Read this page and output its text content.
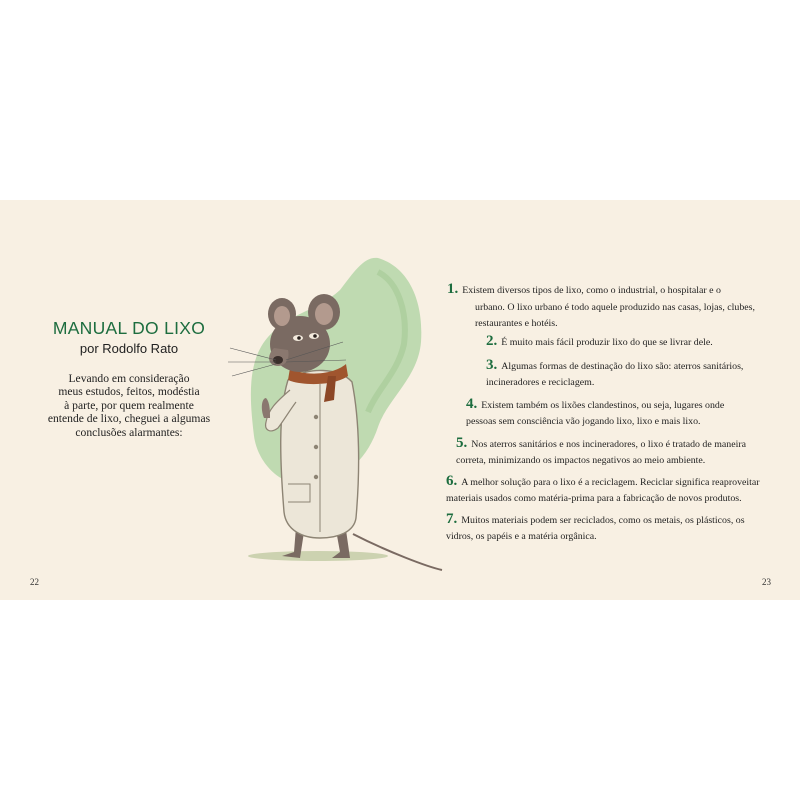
MANUAL DO LIXO
por Rodolfo Rato
Levando em consideração
meus estudos, feitos, modéstia
à parte, por quem realmente
entende de lixo, cheguei a algumas
conclusões alarmantes:
1. Existem diversos tipos de lixo, como o industrial, o hospitalar e o
urbano. O lixo urbano é todo aquele produzido nas casas, lojas, clubes,
restaurantes e hotéis.
2. É muito mais fácil produzir lixo do que se livrar dele.
3. Algumas formas de destinação do lixo são: aterros sanitários,
incineradores e reciclagem.
4. Existem também os lixões clandestinos, ou seja, lugares onde
pessoas sem consciência vão jogando lixo, lixo e mais lixo.
5. Nos aterros sanitários e nos incineradores, o lixo é tratado de maneira
correta, minimizando os impactos negativos ao meio ambiente.
6. A melhor solução para o lixo é a reciclagem. Reciclar significa reaproveitar
materiais usados como matéria-prima para a fabricação de novos produtos.
7. Muitos materiais podem ser reciclados, como os metais, os plásticos, os
vidros, os papéis e a matéria orgânica.
22	23
